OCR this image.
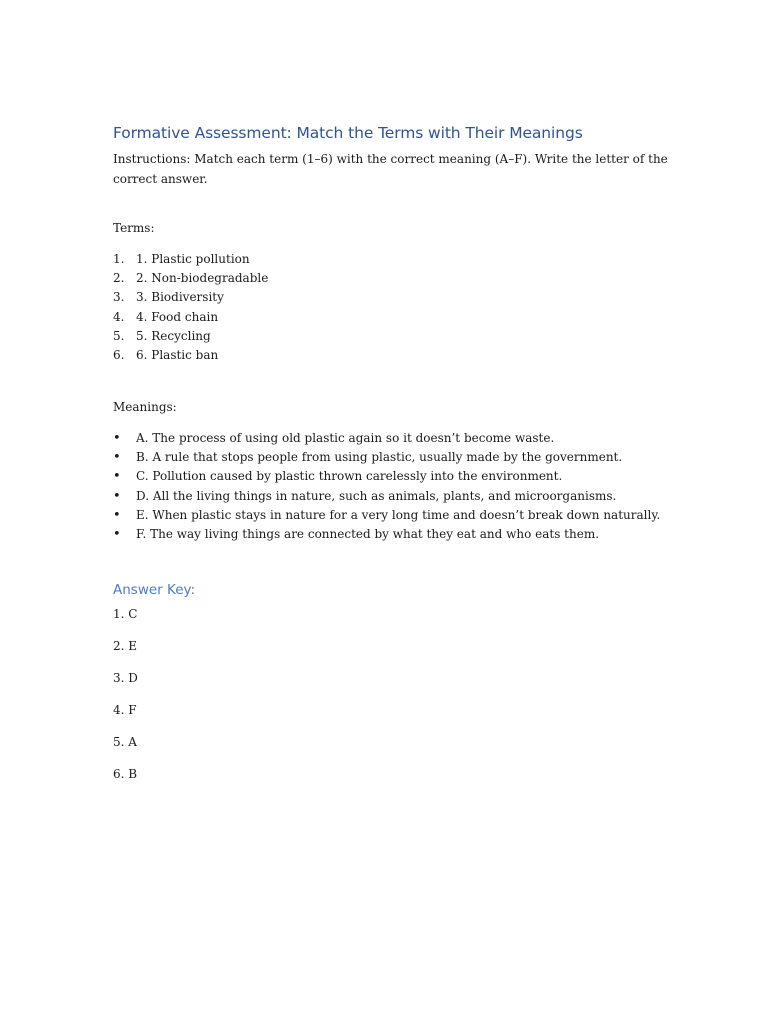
Formative Assessment: Match the Terms with Their Meanings

Instructions: Match each term (1–6) with the correct meaning (A–F). Write the letter of the correct answer.

Terms:

1. 1. Plastic pollution
2. 2. Non-biodegradable
3. 3. Biodiversity
4. 4. Food chain
5. 5. Recycling
6. 6. Plastic ban

Meanings:

• A. The process of using old plastic again so it doesn’t become waste.
• B. A rule that stops people from using plastic, usually made by the government.
• C. Pollution caused by plastic thrown carelessly into the environment.
• D. All the living things in nature, such as animals, plants, and microorganisms.
• E. When plastic stays in nature for a very long time and doesn’t break down naturally.
• F. The way living things are connected by what they eat and who eats them.
Answer Key:
1. C
2. E
3. D
4. F
5. A
6. B
